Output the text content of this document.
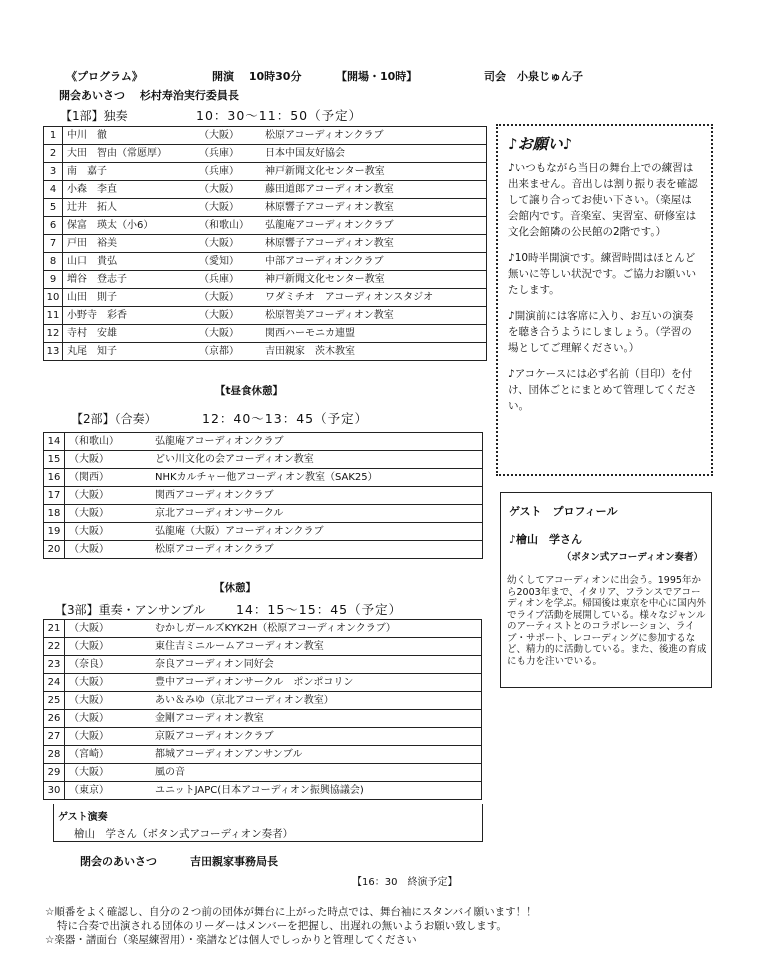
《プログラム》	開演　 10時30分	【開場・10時】	司会　小泉じゅん子
開会あいさつ　 杉村寿治実行委員長
【1部】独奏	10：30～11：50（予定）
1	中川　徹	（大阪）	松原アコーディオンクラブ
2	大田　智由（常愿厚）	（兵庫）	日本中国友好協会
3	南　嘉子	（兵庫）	神戸新聞文化センター教室
4	小森　李直	（大阪）	藤田道郎アコーディオン教室
5	辻井　拓人	（大阪）	林原響子アコーディオン教室
6	保富　瑛太（小6）	（和歌山）	弘龍庵アコーディオンクラブ
7	戸田　裕美	（大阪）	林原響子アコーディオン教室
8	山口　貴弘	（愛知）	中部アコーディオンクラブ
9	増谷　登志子	（兵庫）	神戸新聞文化センター教室
10	山田　則子	（大阪）	ワダミチオ　アコーディオンスタジオ
11	小野寺　彩香	（大阪）	松原智美アコーディオン教室
12	寺村　安雄	（大阪）	関西ハーモニカ連盟
13	丸尾　知子	（京都）	吉田親家　茨木教室
【t昼食休憩】
【2部】（合奏）	12：40～13：45（予定）
14	（和歌山）	弘龍庵アコーディオンクラブ
15	（大阪）	どい川文化の会アコーディオン教室
16	（関西）	NHKカルチャー他アコーディオン教室（SAK25）
17	（大阪）	関西アコーディオンクラブ
18	（大阪）	京北アコーディオンサークル
19	（大阪）	弘龍庵（大阪）アコーディオンクラブ
20	（大阪）	松原アコーディオンクラブ
【休憩】
【3部】重奏・アンサンブル 14：15～15：45（予定）
21	（大阪）	むかしガールズKYK2H（松原アコーディオンクラブ）
22	（大阪）	東住吉ミニルームアコーディオン教室
23	（奈良）	奈良アコーディオン同好会
24	（大阪）	豊中アコーディオンサークル　ポンポコリン
25	（大阪）	あい＆みゆ（京北アコーディオン教室）
26	（大阪）	金剛アコーディオン教室
27	（大阪）	京阪アコーディオンクラブ
28	（宮崎）	都城アコーディオンアンサンブル
29	（大阪）	風の音
30	（東京）	ユニットJAPC(日本アコーディオン振興協議会)
ゲスト演奏
檜山　学さん（ボタン式アコーディオン奏者）
閉会のあいさつ　　　吉田親家事務局長
【16：30　終演予定】
♪お願い♪

♪いつもながら当日の舞台上での練習は出来ません。音出しは割り振り表を確認して譲り合ってお使い下さい。（楽屋は会館内です。音楽室、実習室、研修室は文化会館隣の公民館の2階です。）

♪10時半開演です。練習時間はほとんど無いに等しい状況です。ご協力お願いいたします。

♪開演前には客席に入り、お互いの演奏を聴き合うようにしましょう。（学習の場としてご理解ください。）

♪アコケースには必ず名前（目印）を付け、団体ごとにまとめて管理してください。

ゲスト　プロフィール
♪檜山　学さん
（ボタン式アコーディオン奏者）
幼くしてアコーディオンに出会う。1995年から2003年まで、イタリア、フランスでアコーディオンを学ぶ。帰国後は東京を中心に国内外でライブ活動を展開している。様々なジャンルのアーティストとのコラボレーション、ライブ・サポート、レコーディングに参加するなど、精力的に活動している。また、後進の育成にも力を注いでいる。
☆順番をよく確認し、自分の２つ前の団体が舞台に上がった時点では、舞台袖にスタンバイ願います！！
特に合奏で出演される団体のリーダーはメンバーを把握し、出遅れの無いようお願い致します。
☆楽器・譜面台（楽屋練習用）・楽譜などは個人でしっかりと管理してください
